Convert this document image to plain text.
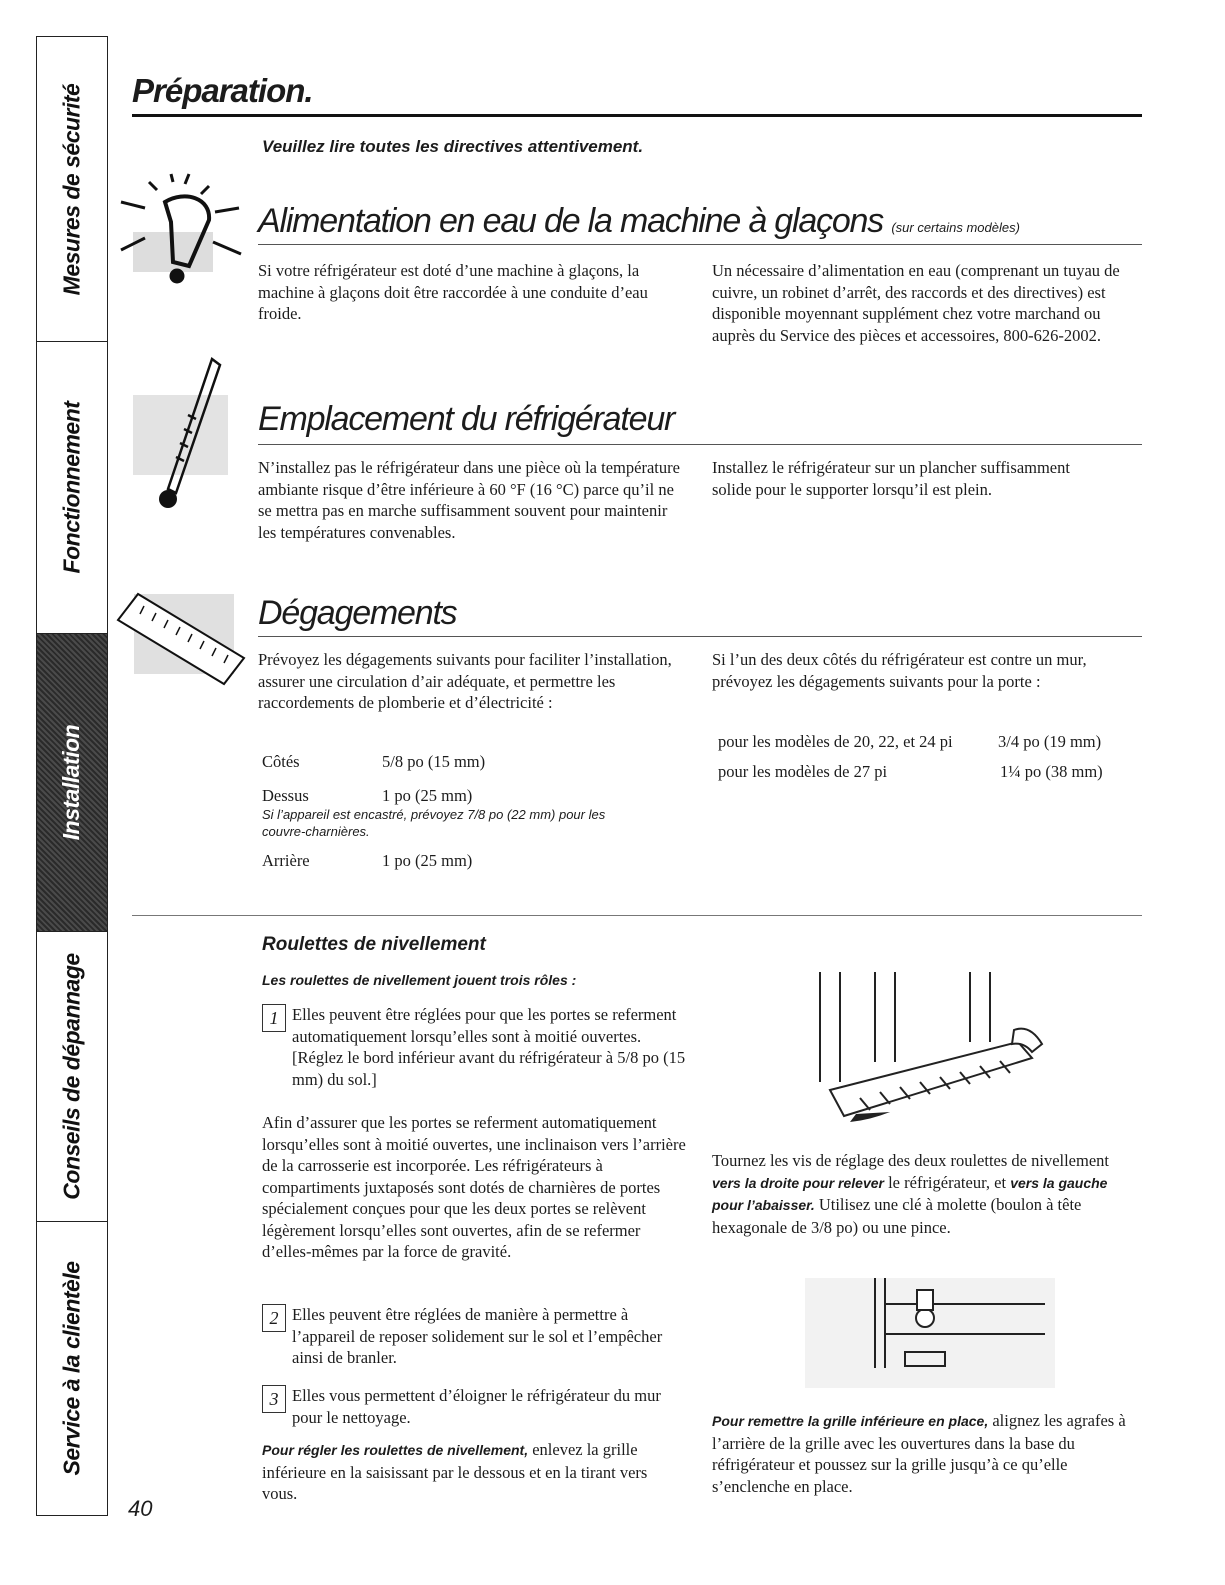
Mesures de sécurité
Fonctionnement
Installation
Conseils de dépannage
Service à la clientèle
Préparation.
Veuillez lire toutes les directives attentivement.
Alimentation en eau de la machine à glaçons (sur certains modèles)
Si votre réfrigérateur est doté d’une machine à glaçons, la machine à glaçons doit être raccordée à une conduite d’eau froide.
Un nécessaire d’alimentation en eau (comprenant un tuyau de cuivre, un robinet d’arrêt, des raccords et des directives) est disponible moyennant supplément chez votre marchand ou auprès du Service des pièces et accessoires, 800-626-2002.
Emplacement du réfrigérateur
N’installez pas le réfrigérateur dans une pièce où la température ambiante risque d’être inférieure à 60 °F (16 °C) parce qu’il ne se mettra pas en marche suffisamment souvent pour maintenir les températures convenables.
Installez le réfrigérateur sur un plancher suffisamment solide pour le supporter lorsqu’il est plein.
Dégagements
Prévoyez les dégagements suivants pour faciliter l’installation, assurer une circulation d’air adéquate, et permettre les raccordements de plomberie et d’électricité :
Côtés	5/8 po (15 mm)
Dessus	1 po (25 mm)
Si l’appareil est encastré, prévoyez 7/8 po (22 mm) pour les couvre-charnières.
Arrière	1 po (25 mm)
Si l’un des deux côtés du réfrigérateur est contre un mur, prévoyez les dégagements suivants pour la porte :
pour les modèles de 20, 22, et 24 pi	3/4 po (19 mm)
pour les modèles de 27 pi	1¼ po (38 mm)
Roulettes de nivellement
Les roulettes de nivellement jouent trois rôles :
1 Elles peuvent être réglées pour que les portes se referment automatiquement lorsqu’elles sont à moitié ouvertes. [Réglez le bord inférieur avant du réfrigérateur à 5/8 po (15 mm) du sol.]
Afin d’assurer que les portes se referment automatiquement lorsqu’elles sont à moitié ouvertes, une inclinaison vers l’arrière de la carrosserie est incorporée. Les réfrigérateurs à compartiments juxtaposés sont dotés de charnières de portes spécialement conçues pour que les deux portes se relèvent légèrement lorsqu’elles sont ouvertes, afin de se refermer d’elles-mêmes par la force de gravité.
2 Elles peuvent être réglées de manière à permettre à l’appareil de reposer solidement sur le sol et l’empêcher ainsi de branler.
3 Elles vous permettent d’éloigner le réfrigérateur du mur pour le nettoyage.
Pour régler les roulettes de nivellement, enlevez la grille inférieure en la saisissant par le dessous et en la tirant vers vous.
Tournez les vis de réglage des deux roulettes de nivellement vers la droite pour relever le réfrigérateur, et vers la gauche pour l’abaisser. Utilisez une clé à molette (boulon à tête hexagonale de 3/8 po) ou une pince.
Pour remettre la grille inférieure en place, alignez les agrafes à l’arrière de la grille avec les ouvertures dans la base du réfrigérateur et poussez sur la grille jusqu’à ce qu’elle s’enclenche en place.
40
